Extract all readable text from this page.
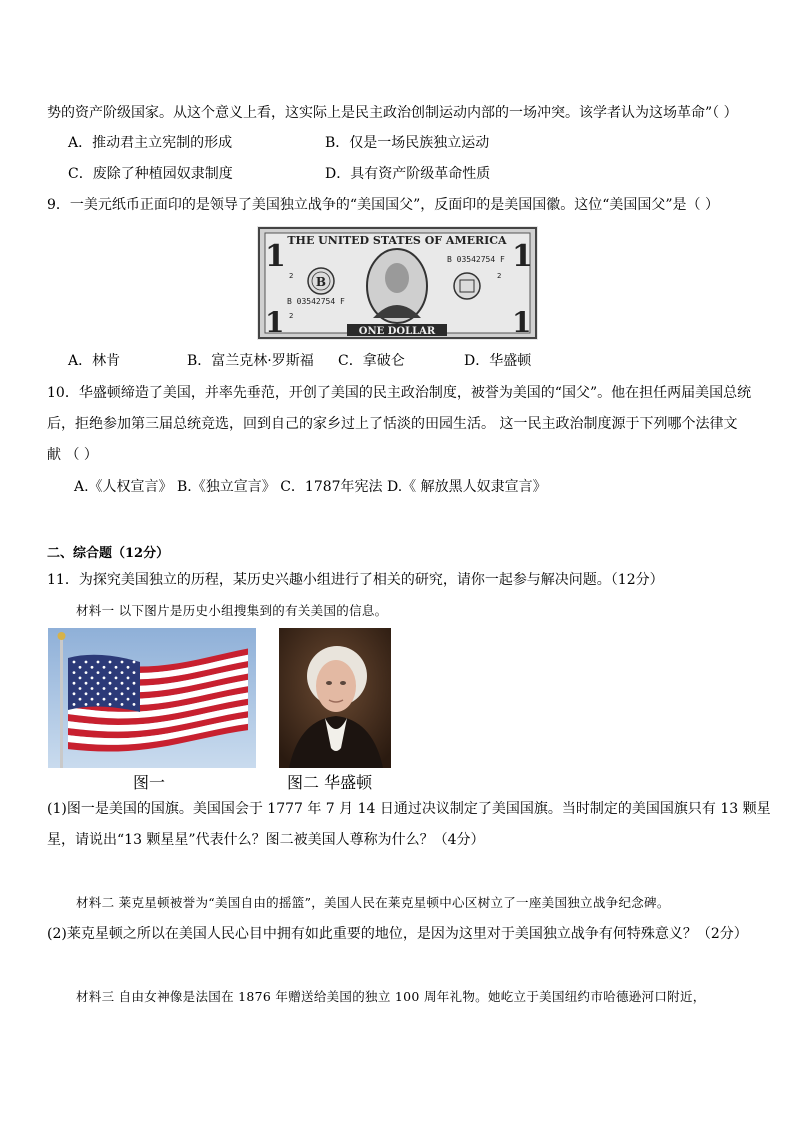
势的资产阶级国家。从这个意义上看，这实际上是民主政治创制运动内部的一场冲突。该学者认为这场革命”（ ）
A．推动君主立宪制的形成	B．仅是一场民族独立运动
C．废除了种植园奴隶制度	D．具有资产阶级革命性质
9．一美元纸币正面印的是领导了美国独立战争的“美国国父”，反面印的是美国国徽。这位“美国国父”是（ ）
1	1
1	1
THE UNITED STATES OF AMERICA
B 03542754 F
B 03542754 F
2
2
2
B
ONE DOLLAR
A．林肯	B．富兰克林·罗斯福 C．拿破仑	D．华盛顿
10．华盛顿缔造了美国，并率先垂范，开创了美国的民主政治制度，被誉为美国的“国父”。他在担任两届美国总统
后，拒绝参加第三届总统竞选，回到自己的家乡过上了恬淡的田园生活。 这一民主政治制度源于下列哪个法律文
献 （ ）
A.《人权宣言》 B.《独立宣言》 C．1787年宪法 D.《 解放黑人奴隶宣言》
二、综合题（12分）
11．为探究美国独立的历程，某历史兴趣小组进行了相关的研究，请你一起参与解决问题。（12分）
材料一 以下图片是历史小组搜集到的有关美国的信息。
图一	图二 华盛顿
(1)图一是美国的国旗。美国国会于 1777 年 7 月 14 日通过决议制定了美国国旗。当时制定的美国国旗只有 13 颗星
星，请说出“13 颗星星”代表什么？图二被美国人尊称为什么？（4分）
材料二 莱克星顿被誉为“美国自由的摇篮”，美国人民在莱克星顿中心区树立了一座美国独立战争纪念碑。
(2)莱克星顿之所以在美国人民心目中拥有如此重要的地位，是因为这里对于美国独立战争有何特殊意义？（2分）
材料三 自由女神像是法国在 1876 年赠送给美国的独立 100 周年礼物。她屹立于美国纽约市哈德逊河口附近，
